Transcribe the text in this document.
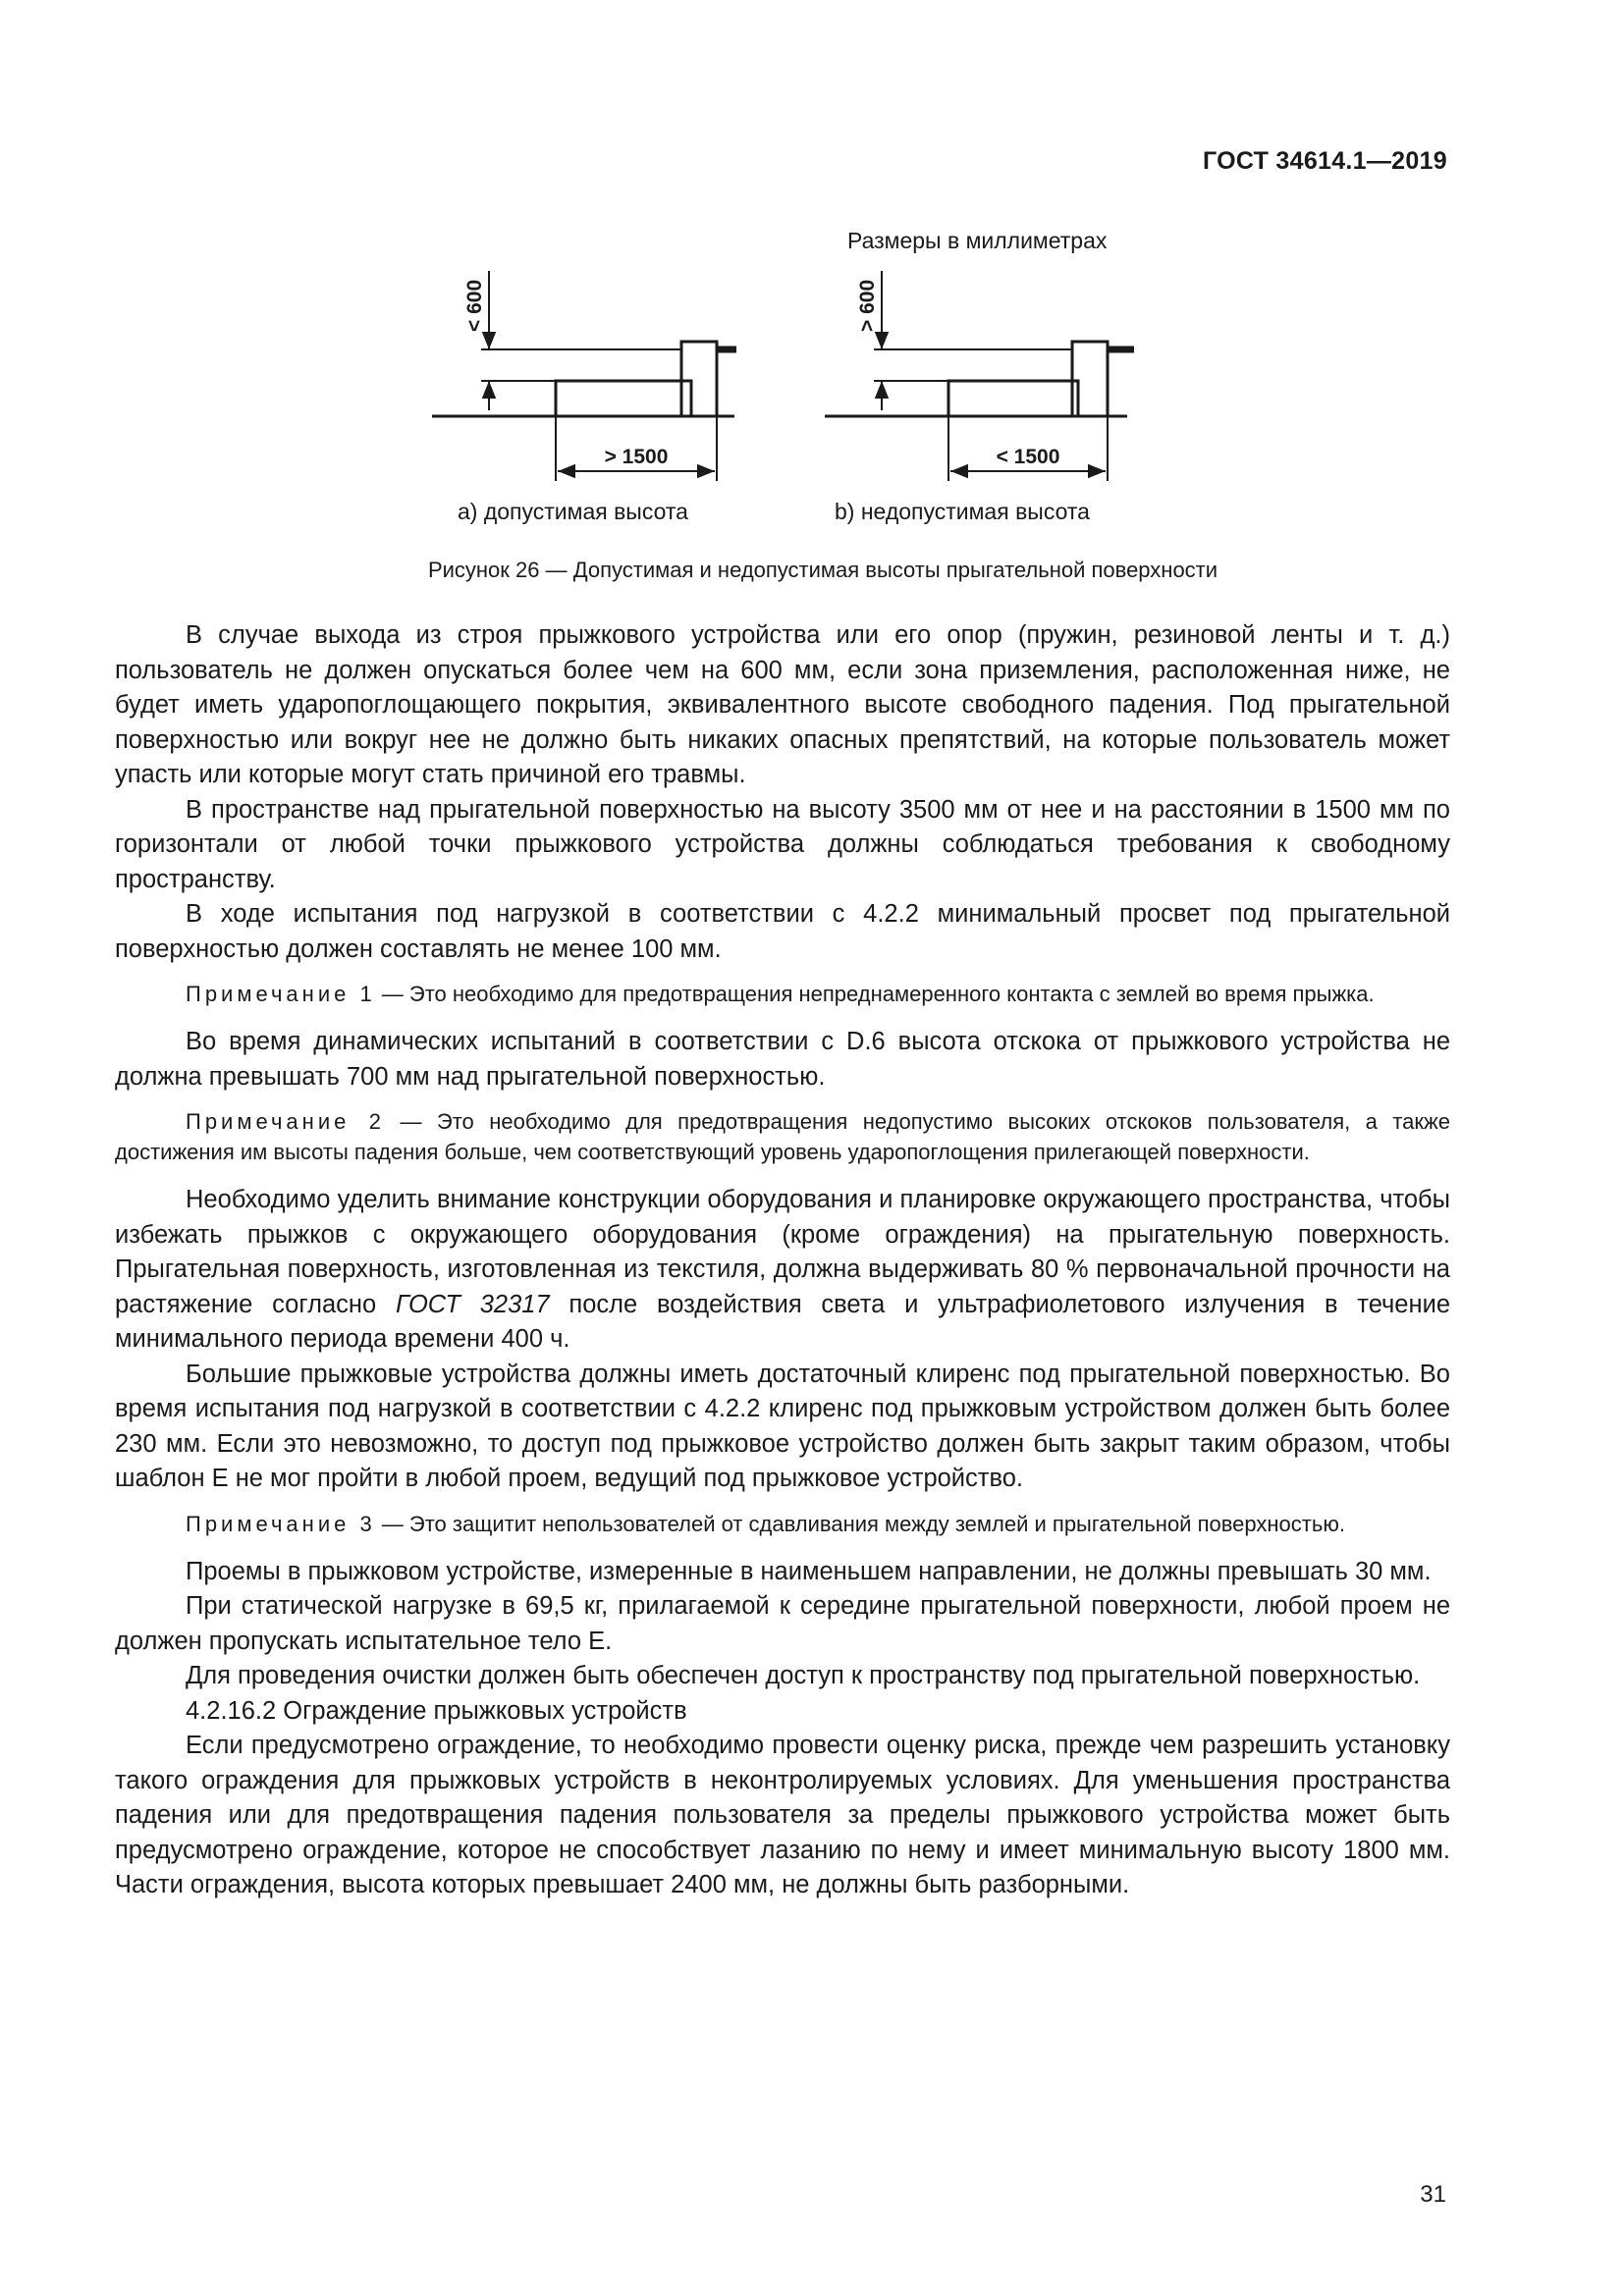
ГОСТ 34614.1—2019
Размеры в миллиметрах
< 600
> 1500
> 600
< 1500
а) допустимая высота	b) недопустимая высота
Рисунок 26 — Допустимая и недопустимая высоты прыгательной поверхности

В случае выхода из строя прыжкового устройства или его опор (пружин, резиновой ленты и т. д.) пользователь не должен опускаться более чем на 600 мм, если зона приземления, расположенная ниже, не будет иметь ударопоглощающего покрытия, эквивалентного высоте свободного падения. Под прыгательной поверхностью или вокруг нее не должно быть никаких опасных препятствий, на которые пользователь может упасть или которые могут стать причиной его травмы.

В пространстве над прыгательной поверхностью на высоту 3500 мм от нее и на расстоянии в 1500 мм по горизонтали от любой точки прыжкового устройства должны соблюдаться требования к свободному пространству.

В ходе испытания под нагрузкой в соответствии с 4.2.2 минимальный просвет под прыгательной поверхностью должен составлять не менее 100 мм.

Примечание 1 — Это необходимо для предотвращения непреднамеренного контакта с землей во время прыжка.

Во время динамических испытаний в соответствии с D.6 высота отскока от прыжкового устройства не должна превышать 700 мм над прыгательной поверхностью.

Примечание 2 — Это необходимо для предотвращения недопустимо высоких отскоков пользователя, а также достижения им высоты падения больше, чем соответствующий уровень ударопоглощения прилегающей поверхности.

Необходимо уделить внимание конструкции оборудования и планировке окружающего пространства, чтобы избежать прыжков с окружающего оборудования (кроме ограждения) на прыгательную поверхность. Прыгательная поверхность, изготовленная из текстиля, должна выдерживать 80 % первоначальной прочности на растяжение согласно ГОСТ 32317 после воздействия света и ультрафиолетового излучения в течение минимального периода времени 400 ч.

Большие прыжковые устройства должны иметь достаточный клиренс под прыгательной поверхностью. Во время испытания под нагрузкой в соответствии с 4.2.2 клиренс под прыжковым устройством должен быть более 230 мм. Если это невозможно, то доступ под прыжковое устройство должен быть закрыт таким образом, чтобы шаблон E не мог пройти в любой проем, ведущий под прыжковое устройство.

Примечание 3 — Это защитит непользователей от сдавливания между землей и прыгательной поверхностью.

Проемы в прыжковом устройстве, измеренные в наименьшем направлении, не должны превышать 30 мм.

При статической нагрузке в 69,5 кг, прилагаемой к середине прыгательной поверхности, любой проем не должен пропускать испытательное тело E.

Для проведения очистки должен быть обеспечен доступ к пространству под прыгательной поверхностью.

4.2.16.2 Ограждение прыжковых устройств

Если предусмотрено ограждение, то необходимо провести оценку риска, прежде чем разрешить установку такого ограждения для прыжковых устройств в неконтролируемых условиях. Для уменьшения пространства падения или для предотвращения падения пользователя за пределы прыжкового устройства может быть предусмотрено ограждение, которое не способствует лазанию по нему и имеет минимальную высоту 1800 мм. Части ограждения, высота которых превышает 2400 мм, не должны быть разборными.

31
